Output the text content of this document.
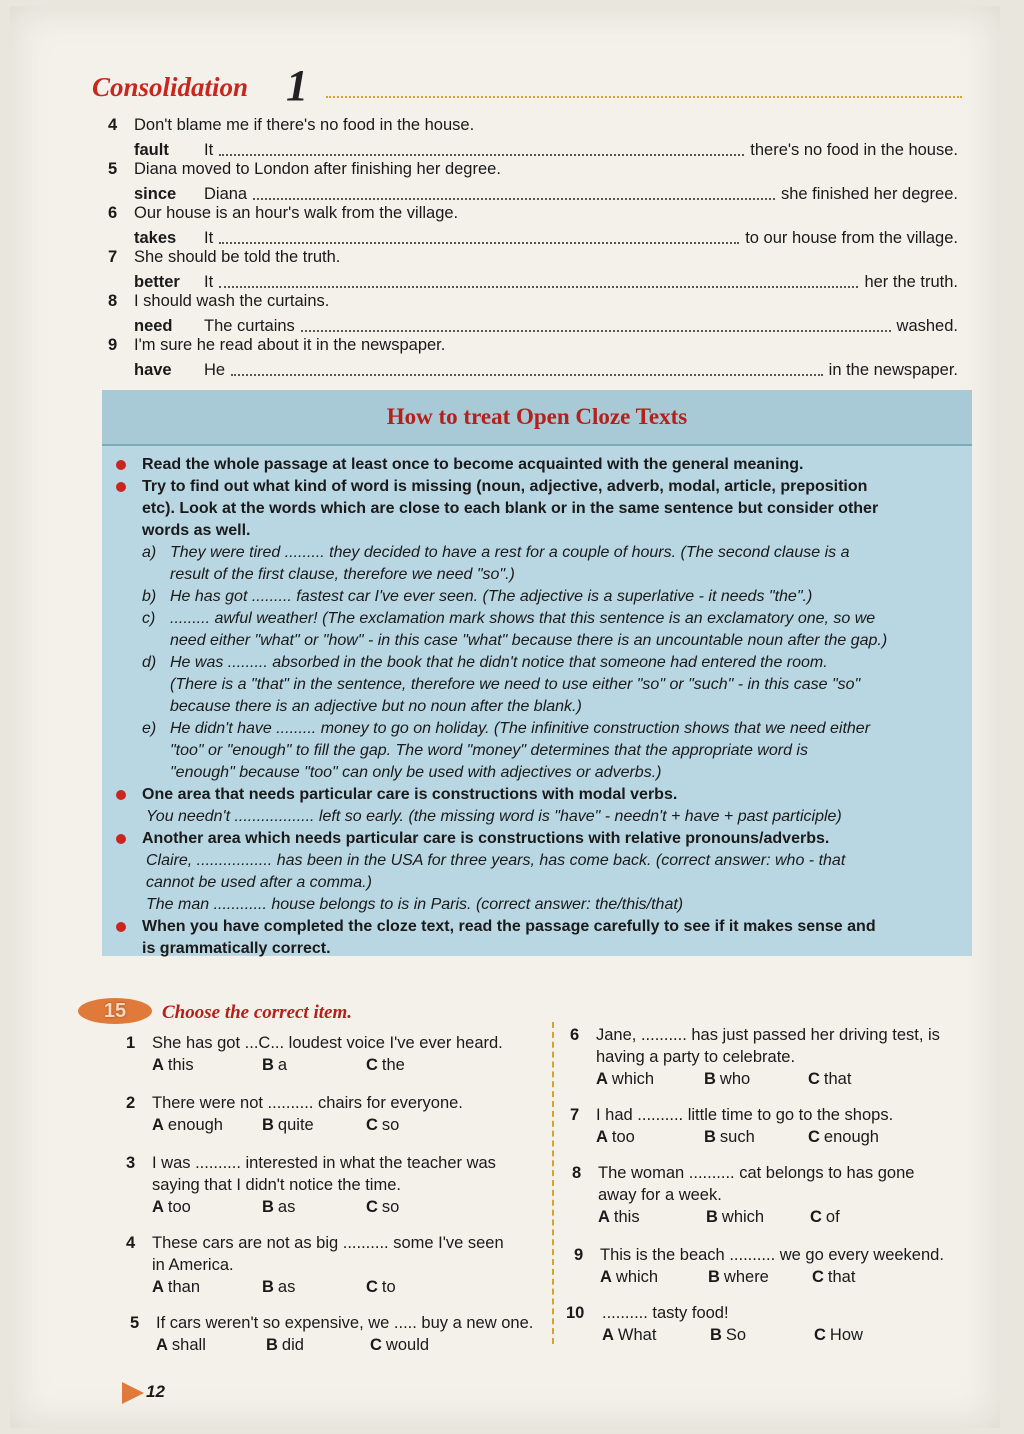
Consolidation 1
4 Don't blame me if there's no food in the house.
fault	It	there's no food in the house.
5 Diana moved to London after finishing her degree.
since	Diana	she finished her degree.
6 Our house is an hour's walk from the village.
takes	It	to our house from the village.
7 She should be told the truth.
better	It	her the truth.
8 I should wash the curtains.
need	The curtains	washed.
9 I'm sure he read about it in the newspaper.
have	He	in the newspaper.
How to treat Open Cloze Texts
Read the whole passage at least once to become acquainted with the general meaning.
Try to find out what kind of word is missing (noun, adjective, adverb, modal, article, preposition
etc). Look at the words which are close to each blank or in the same sentence but consider other
words as well.
a) They were tired ......... they decided to have a rest for a couple of hours. (The second clause is a
result of the first clause, therefore we need "so".)
b) He has got ......... fastest car I've ever seen. (The adjective is a superlative - it needs "the".)
c) ......... awful weather! (The exclamation mark shows that this sentence is an exclamatory one, so we
need either "what" or "how" - in this case "what" because there is an uncountable noun after the gap.)
d) He was ......... absorbed in the book that he didn't notice that someone had entered the room.
(There is a "that" in the sentence, therefore we need to use either "so" or "such" - in this case "so"
because there is an adjective but no noun after the blank.)
e) He didn't have ......... money to go on holiday. (The infinitive construction shows that we need either
"too" or "enough" to fill the gap. The word "money" determines that the appropriate word is
"enough" because "too" can only be used with adjectives or adverbs.)
One area that needs particular care is constructions with modal verbs.
You needn't .................. left so early. (the missing word is "have" - needn't + have + past participle)
Another area which needs particular care is constructions with relative pronouns/adverbs.
Claire, ................. has been in the USA for three years, has come back. (correct answer: who - that
cannot be used after a comma.)
The man ............ house belongs to is in Paris. (correct answer: the/this/that)
When you have completed the cloze text, read the passage carefully to see if it makes sense and
is grammatically correct.
15	Choose the correct item.
1 She has got ...C... loudest voice I've ever heard.
A this	B a	C the
2 There were not .......... chairs for everyone.
A enough	B quite	C so
3 I was .......... interested in what the teacher was
saying that I didn't notice the time.
A too	B as	C so
4 These cars are not as big .......... some I've seen
in America.
A than	B as	C to
5 If cars weren't so expensive, we ..... buy a new one.
A shall	B did	C would
6 Jane, .......... has just passed her driving test, is
having a party to celebrate.
A which	B who	C that
7 I had .......... little time to go to the shops.
A too	B such	C enough
8 The woman .......... cat belongs to has gone
away for a week.
A this	B which	C of
9 This is the beach .......... we go every weekend.
A which	B where	C that
10 .......... tasty food!
A What	B So	C How
12
